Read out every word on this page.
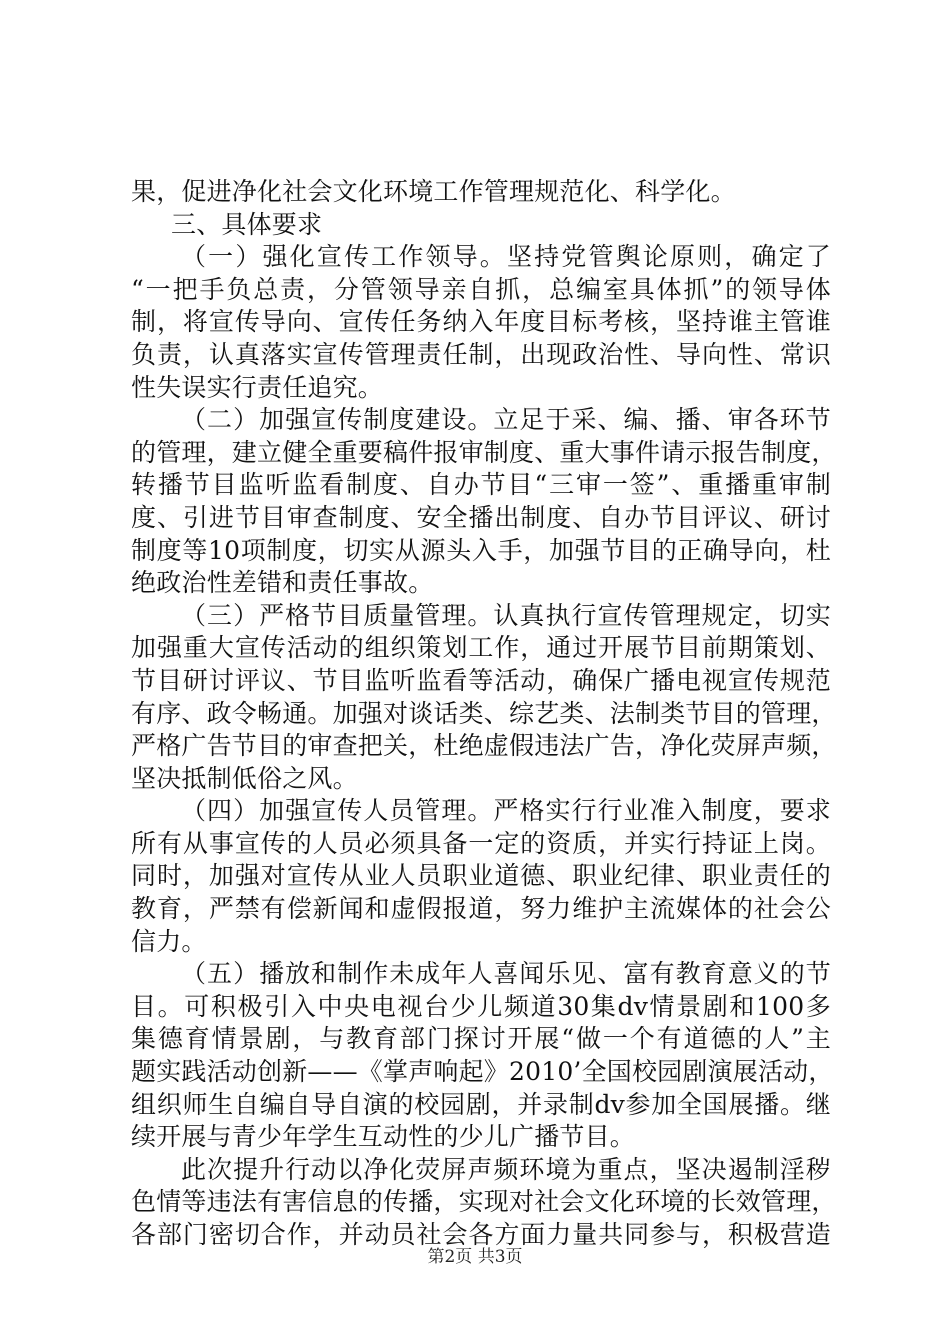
果，促进净化社会文化环境工作管理规范化、科学化。
三、具体要求
（一）强化宣传工作领导。坚持党管舆论原则，确定了
“一把手负总责，分管领导亲自抓，总编室具体抓”的领导体
制，将宣传导向、宣传任务纳入年度目标考核，坚持谁主管谁
负责，认真落实宣传管理责任制，出现政治性、导向性、常识
性失误实行责任追究。
（二）加强宣传制度建设。立足于采、编、播、审各环节
的管理，建立健全重要稿件报审制度、重大事件请示报告制度，
转播节目监听监看制度、自办节目“三审一签”、重播重审制
度、引进节目审查制度、安全播出制度、自办节目评议、研讨
制度等10项制度，切实从源头入手，加强节目的正确导向，杜
绝政治性差错和责任事故。
（三）严格节目质量管理。认真执行宣传管理规定，切实
加强重大宣传活动的组织策划工作，通过开展节目前期策划、
节目研讨评议、节目监听监看等活动，确保广播电视宣传规范
有序、政令畅通。加强对谈话类、综艺类、法制类节目的管理，
严格广告节目的审查把关，杜绝虚假违法广告，净化荧屏声频，
坚决抵制低俗之风。
（四）加强宣传人员管理。严格实行行业准入制度，要求
所有从事宣传的人员必须具备一定的资质，并实行持证上岗。
同时，加强对宣传从业人员职业道德、职业纪律、职业责任的
教育，严禁有偿新闻和虚假报道，努力维护主流媒体的社会公
信力。
（五）播放和制作未成年人喜闻乐见、富有教育意义的节
目。可积极引入中央电视台少儿频道30集dv情景剧和100多
集德育情景剧，与教育部门探讨开展“做一个有道德的人”主
题实践活动创新——《掌声响起》2010’全国校园剧演展活动，
组织师生自编自导自演的校园剧，并录制dv参加全国展播。继
续开展与青少年学生互动性的少儿广播节目。
此次提升行动以净化荧屏声频环境为重点，坚决遏制淫秽
色情等违法有害信息的传播，实现对社会文化环境的长效管理，
各部门密切合作，并动员社会各方面力量共同参与，积极营造
第2页 共3页
